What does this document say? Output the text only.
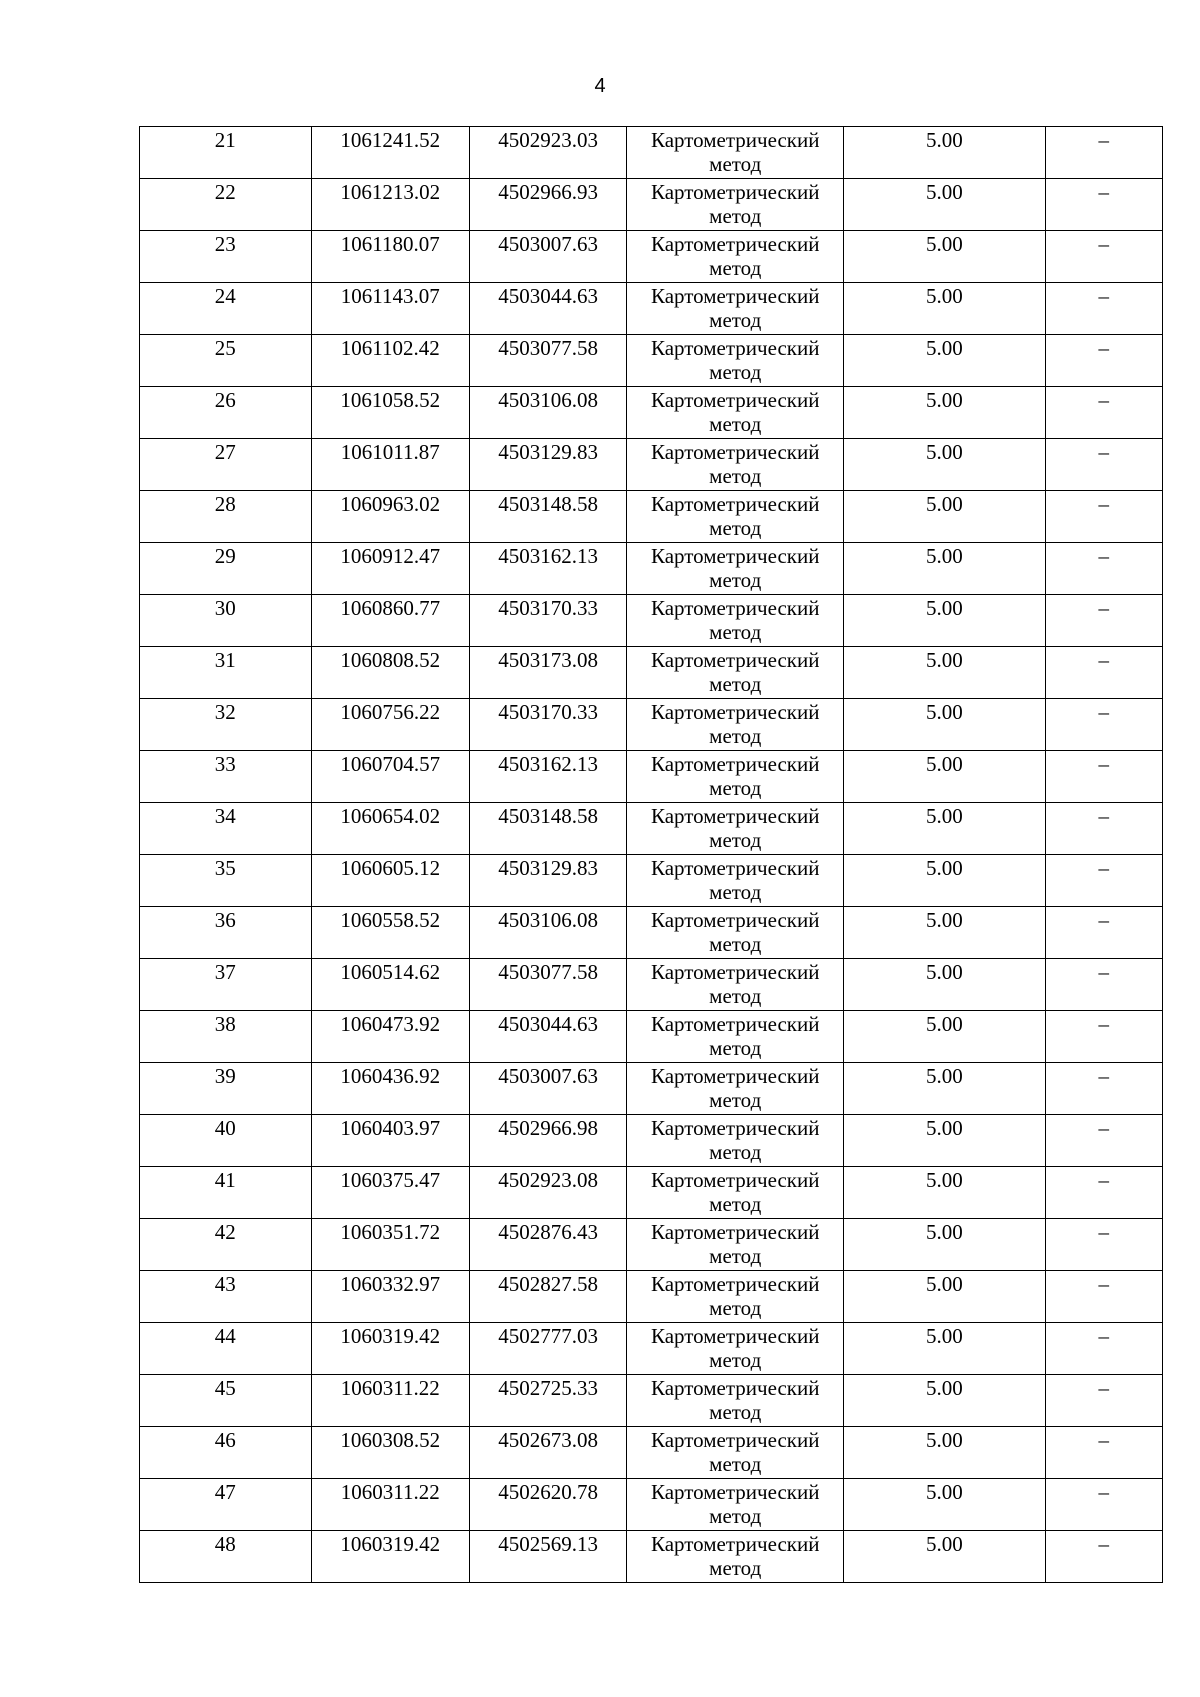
4
21	1061241.52	4502923.03	Картометрический метод	5.00	–

22	1061213.02	4502966.93	Картометрический метод	5.00	–

23	1061180.07	4503007.63	Картометрический метод	5.00	–

24	1061143.07	4503044.63	Картометрический метод	5.00	–

25	1061102.42	4503077.58	Картометрический метод	5.00	–

26	1061058.52	4503106.08	Картометрический метод	5.00	–

27	1061011.87	4503129.83	Картометрический метод	5.00	–

28	1060963.02	4503148.58	Картометрический метод	5.00	–

29	1060912.47	4503162.13	Картометрический метод	5.00	–

30	1060860.77	4503170.33	Картометрический метод	5.00	–

31	1060808.52	4503173.08	Картометрический метод	5.00	–

32	1060756.22	4503170.33	Картометрический метод	5.00	–

33	1060704.57	4503162.13	Картометрический метод	5.00	–

34	1060654.02	4503148.58	Картометрический метод	5.00	–

35	1060605.12	4503129.83	Картометрический метод	5.00	–

36	1060558.52	4503106.08	Картометрический метод	5.00	–

37	1060514.62	4503077.58	Картометрический метод	5.00	–

38	1060473.92	4503044.63	Картометрический метод	5.00	–

39	1060436.92	4503007.63	Картометрический метод	5.00	–

40	1060403.97	4502966.98	Картометрический метод	5.00	–

41	1060375.47	4502923.08	Картометрический метод	5.00	–

42	1060351.72	4502876.43	Картометрический метод	5.00	–

43	1060332.97	4502827.58	Картометрический метод	5.00	–

44	1060319.42	4502777.03	Картометрический метод	5.00	–

45	1060311.22	4502725.33	Картометрический метод	5.00	–

46	1060308.52	4502673.08	Картометрический метод	5.00	–

47	1060311.22	4502620.78	Картометрический метод	5.00	–

48	1060319.42	4502569.13	Картометрический метод	5.00	–
